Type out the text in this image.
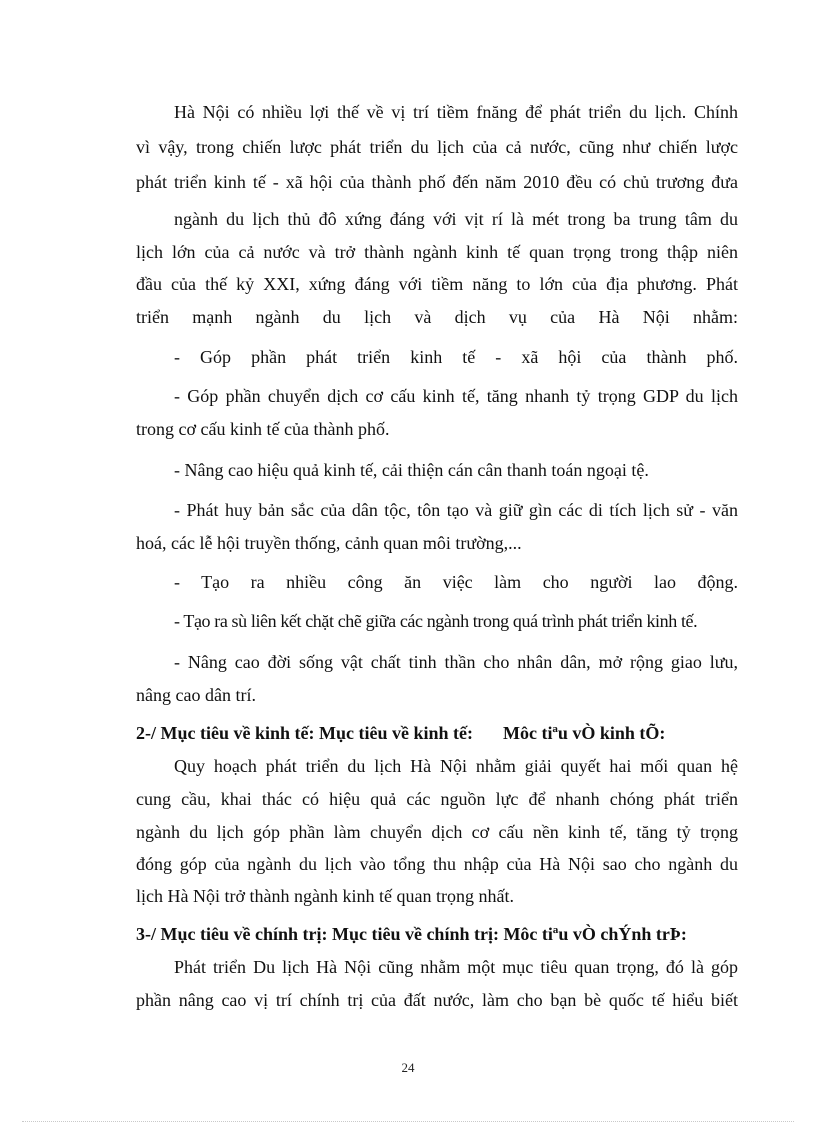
Hà Nội có nhiều lợi thế về vị trí tiềm fnăng để phát triển du lịch. Chính
vì vậy, trong chiến lược phát triển du lịch của cả nước, cũng như chiến lược
phát triển kinh tế - xã hội của thành phố đến năm 2010 đều có chủ trương đưa
ngành du lịch thủ đô xứng đáng với vịt rí là mét trong ba trung tâm du
lịch lớn của cả nước và trở thành ngành kinh tế quan trọng trong thập niên
đầu của thế kỷ XXI, xứng đáng với tiềm năng to lớn của địa phương. Phát
triển mạnh ngành du lịch và dịch vụ của Hà Nội nhằm:
- Góp phần phát triển kinh tế - xã hội của thành phố.
- Góp phần chuyển dịch cơ cấu kinh tế, tăng nhanh tỷ trọng GDP du lịch
trong cơ cấu kinh tế của thành phố.
- Nâng cao hiệu quả kinh tế, cải thiện cán cân thanh toán ngoại tệ.
- Phát huy bản sắc của dân tộc, tôn tạo và giữ gìn các di tích lịch sử - văn
hoá, các lễ hội truyền thống, cảnh quan môi trường,...
- Tạo ra nhiều công ăn việc làm cho người lao động.
- Tạo ra sù liên kết chặt chẽ giữa các ngành trong quá trình phát triển kinh tế.
- Nâng cao đời sống vật chất tinh thần cho nhân dân, mở rộng giao lưu,
nâng cao dân trí.
2-/ Mục tiêu về kinh tế: Mục tiêu về kinh tế: Môc tiªu vÒ kinh tÕ:
Quy hoạch phát triển du lịch Hà Nội nhằm giải quyết hai mối quan hệ
cung cầu, khai thác có hiệu quả các nguồn lực để nhanh chóng phát triển
ngành du lịch góp phần làm chuyển dịch cơ cấu nền kinh tế, tăng tỷ trọng
đóng góp của ngành du lịch vào tổng thu nhập của Hà Nội sao cho ngành du
lịch Hà Nội trở thành ngành kinh tế quan trọng nhất.
3-/ Mục tiêu về chính trị: Mục tiêu về chính trị: Môc tiªu vÒ chÝnh trÞ:
Phát triển Du lịch Hà Nội cũng nhằm một mục tiêu quan trọng, đó là góp
phần nâng cao vị trí chính trị của đất nước, làm cho bạn bè quốc tế hiểu biết
24
